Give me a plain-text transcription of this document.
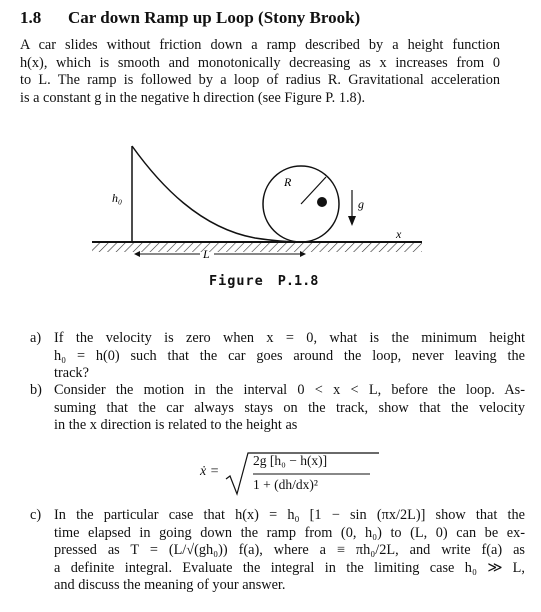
1.8 Car down Ramp up Loop (Stony Brook)
A car slides without friction down a ramp described by a height function
h(x), which is smooth and monotonically decreasing as x increases from 0
to L. The ramp is followed by a loop of radius R. Gravitational acceleration
is a constant g in the negative h direction (see Figure P. 1.8).
h₀
R
g
x
L
Figure P.1.8
a) If the velocity is zero when x = 0, what is the minimum height
h₀ = h(0) such that the car goes around the loop, never leaving the
track?
b) Consider the motion in the interval 0 < x < L, before the loop. As-
suming that the car always stays on the track, show that the velocity
in the x direction is related to the height as
ẋ =
2g [h₀ − h(x)]
1 + (dh/dx)²
c) In the particular case that h(x) = h₀ [1 − sin (πx/2L)] show that the
time elapsed in going down the ramp from (0, h₀) to (L, 0) can be ex-
pressed as T = (L/√(gh₀)) f(a), where a ≡ πh₀/2L, and write f(a) as
a definite integral. Evaluate the integral in the limiting case h₀ ≫ L,
and discuss the meaning of your answer.
